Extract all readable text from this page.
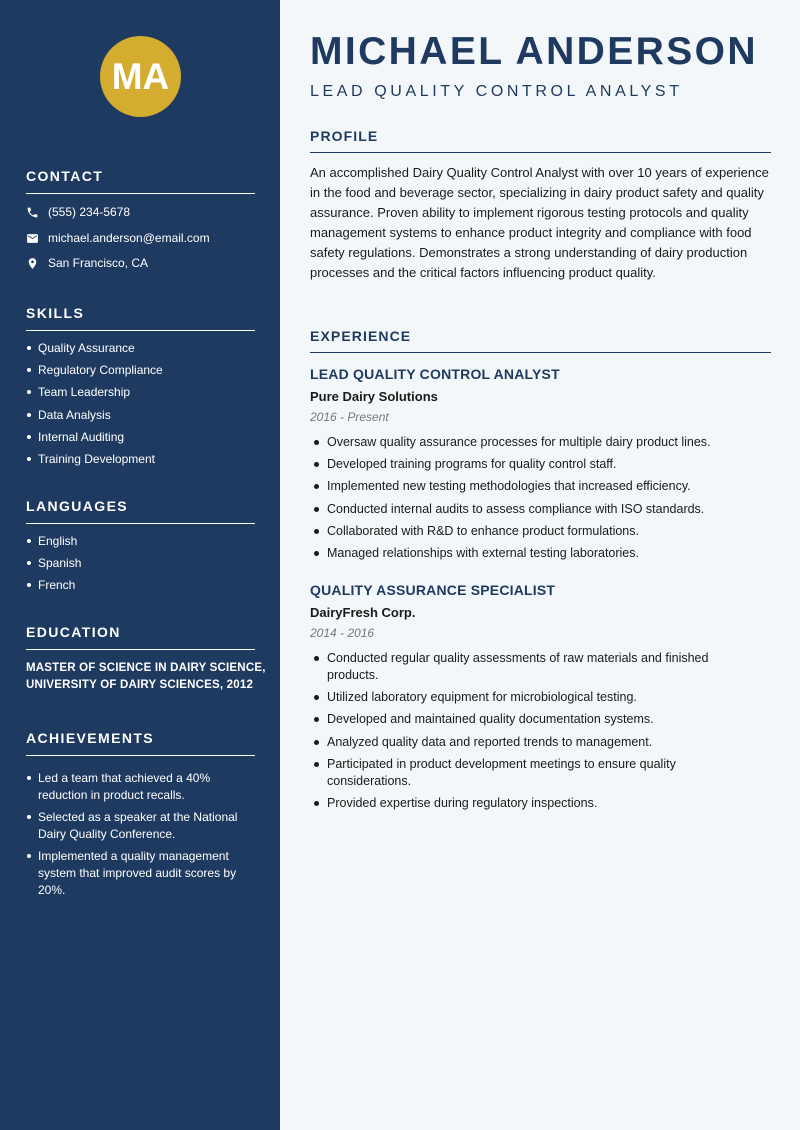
MA
CONTACT
(555) 234-5678
michael.anderson@email.com
San Francisco, CA
SKILLS
Quality Assurance
Regulatory Compliance
Team Leadership
Data Analysis
Internal Auditing
Training Development
LANGUAGES
English
Spanish
French
EDUCATION
MASTER OF SCIENCE IN DAIRY SCIENCE,
UNIVERSITY OF DAIRY SCIENCES, 2012
ACHIEVEMENTS
Led a team that achieved a 40% reduction in product recalls.
Selected as a speaker at the National Dairy Quality Conference.
Implemented a quality management system that improved audit scores by 20%.
MICHAEL ANDERSON
LEAD QUALITY CONTROL ANALYST
PROFILE

An accomplished Dairy Quality Control Analyst with over 10 years of experience in the food and beverage sector, specializing in dairy product safety and quality assurance. Proven ability to implement rigorous testing protocols and quality management systems to enhance product integrity and compliance with food safety regulations. Demonstrates a strong understanding of dairy production processes and the critical factors influencing product quality.

EXPERIENCE
LEAD QUALITY CONTROL ANALYST
Pure Dairy Solutions
2016 - Present
Oversaw quality assurance processes for multiple dairy product lines.
Developed training programs for quality control staff.
Implemented new testing methodologies that increased efficiency.
Conducted internal audits to assess compliance with ISO standards.
Collaborated with R&D to enhance product formulations.
Managed relationships with external testing laboratories.
QUALITY ASSURANCE SPECIALIST
DairyFresh Corp.
2014 - 2016
Conducted regular quality assessments of raw materials and finished products.
Utilized laboratory equipment for microbiological testing.
Developed and maintained quality documentation systems.
Analyzed quality data and reported trends to management.
Participated in product development meetings to ensure quality considerations.
Provided expertise during regulatory inspections.
